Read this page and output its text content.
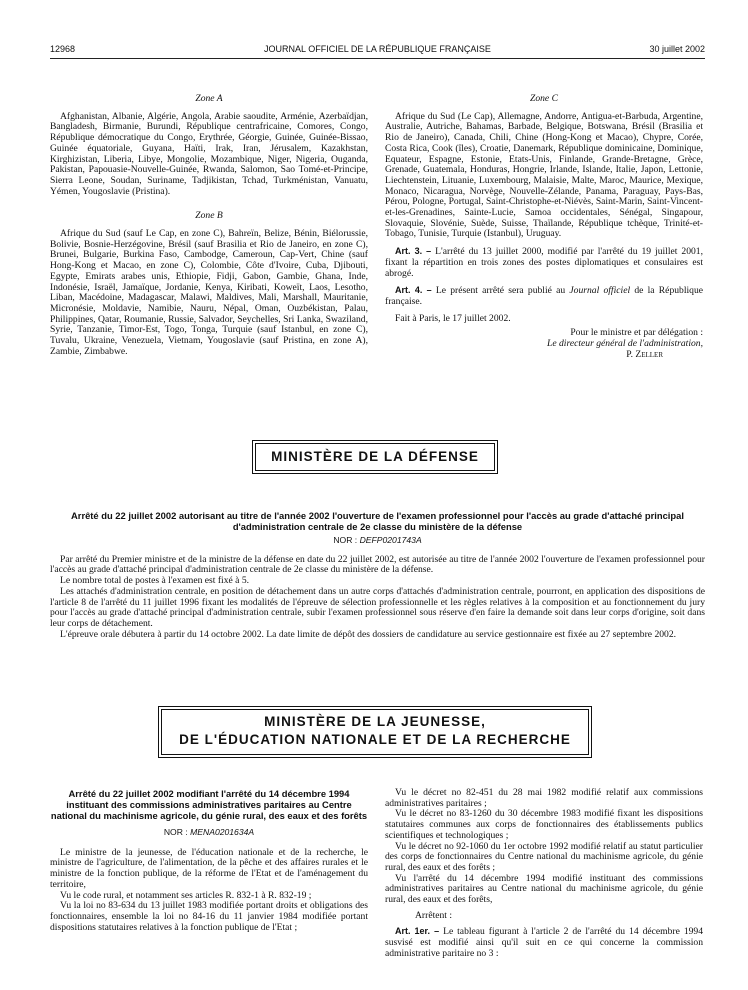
12968	JOURNAL OFFICIEL DE LA RÉPUBLIQUE FRANÇAISE	30 juillet 2002

Zone A

Afghanistan, Albanie, Algérie, Angola, Arabie saoudite, Arménie, Azerbaïdjan, Bangladesh, Birmanie, Burundi, République centrafricaine, Comores, Congo, République démocratique du Congo, Erythrée, Géorgie, Guinée, Guinée-Bissao, Guinée équatoriale, Guyana, Haïti, Irak, Iran, Jérusalem, Kazakhstan, Kirghizistan, Liberia, Libye, Mongolie, Mozambique, Niger, Nigeria, Ouganda, Pakistan, Papouasie-Nouvelle-Guinée, Rwanda, Salomon, Sao Tomé-et-Principe, Sierra Leone, Soudan, Suriname, Tadjikistan, Tchad, Turkménistan, Vanuatu, Yémen, Yougoslavie (Pristina).

Zone B

Afrique du Sud (sauf Le Cap, en zone C), Bahreïn, Belize, Bénin, Biélorussie, Bolivie, Bosnie-Herzégovine, Brésil (sauf Brasilia et Rio de Janeiro, en zone C), Brunei, Bulgarie, Burkina Faso, Cambodge, Cameroun, Cap-Vert, Chine (sauf Hong-Kong et Macao, en zone C), Colombie, Côte d'Ivoire, Cuba, Djibouti, Egypte, Emirats arabes unis, Ethiopie, Fidji, Gabon, Gambie, Ghana, Inde, Indonésie, Israël, Jamaïque, Jordanie, Kenya, Kiribati, Koweït, Laos, Lesotho, Liban, Macédoine, Madagascar, Malawi, Maldives, Mali, Marshall, Mauritanie, Micronésie, Moldavie, Namibie, Nauru, Népal, Oman, Ouzbékistan, Palau, Philippines, Qatar, Roumanie, Russie, Salvador, Seychelles, Sri Lanka, Swaziland, Syrie, Tanzanie, Timor-Est, Togo, Tonga, Turquie (sauf Istanbul, en zone C), Tuvalu, Ukraine, Venezuela, Vietnam, Yougoslavie (sauf Pristina, en zone A), Zambie, Zimbabwe.

Zone C

Afrique du Sud (Le Cap), Allemagne, Andorre, Antigua-et-Barbuda, Argentine, Australie, Autriche, Bahamas, Barbade, Belgique, Botswana, Brésil (Brasilia et Rio de Janeiro), Canada, Chili, Chine (Hong-Kong et Macao), Chypre, Corée, Costa Rica, Cook (îles), Croatie, Danemark, République dominicaine, Dominique, Equateur, Espagne, Estonie, Etats-Unis, Finlande, Grande-Bretagne, Grèce, Grenade, Guatemala, Honduras, Hongrie, Irlande, Islande, Italie, Japon, Lettonie, Liechtenstein, Lituanie, Luxembourg, Malaisie, Malte, Maroc, Maurice, Mexique, Monaco, Nicaragua, Norvège, Nouvelle-Zélande, Panama, Paraguay, Pays-Bas, Pérou, Pologne, Portugal, Saint-Christophe-et-Niévès, Saint-Marin, Saint-Vincent-et-les-Grenadines, Sainte-Lucie, Samoa occidentales, Sénégal, Singapour, Slovaquie, Slovénie, Suède, Suisse, Thaïlande, République tchèque, Trinité-et-Tobago, Tunisie, Turquie (Istanbul), Uruguay.

Art. 3. – L'arrêté du 13 juillet 2000, modifié par l'arrêté du 19 juillet 2001, fixant la répartition en trois zones des postes diplomatiques et consulaires est abrogé.

Art. 4. – Le présent arrêté sera publié au Journal officiel de la République française.

Fait à Paris, le 17 juillet 2002.

Pour le ministre et par délégation :

Le directeur général de l'administration,

P. Zeller

MINISTÈRE DE LA DÉFENSE

Arrêté du 22 juillet 2002 autorisant au titre de l'année 2002 l'ouverture de l'examen professionnel pour l'accès au grade d'attaché principal d'administration centrale de 2e classe du ministère de la défense

NOR : DEFP0201743A

Par arrêté du Premier ministre et de la ministre de la défense en date du 22 juillet 2002, est autorisée au titre de l'année 2002 l'ouverture de l'examen professionnel pour l'accès au grade d'attaché principal d'administration centrale de 2e classe du ministère de la défense.

Le nombre total de postes à l'examen est fixé à 5.

Les attachés d'administration centrale, en position de détachement dans un autre corps d'attachés d'administration centrale, pourront, en application des dispositions de l'article 8 de l'arrêté du 11 juillet 1996 fixant les modalités de l'épreuve de sélection professionnelle et les règles relatives à la composition et au fonctionnement du jury pour l'accès au grade d'attaché principal d'administration centrale, subir l'examen professionnel sous réserve d'en faire la demande soit dans leur corps d'origine, soit dans leur corps de détachement.

L'épreuve orale débutera à partir du 14 octobre 2002. La date limite de dépôt des dossiers de candidature au service gestionnaire est fixée au 27 septembre 2002.

MINISTÈRE DE LA JEUNESSE,
DE L'ÉDUCATION NATIONALE ET DE LA RECHERCHE

Arrêté du 22 juillet 2002 modifiant l'arrêté du 14 décembre 1994 instituant des commissions administratives paritaires au Centre national du machinisme agricole, du génie rural, des eaux et des forêts

NOR : MENA0201634A

Le ministre de la jeunesse, de l'éducation nationale et de la recherche, le ministre de l'agriculture, de l'alimentation, de la pêche et des affaires rurales et le ministre de la fonction publique, de la réforme de l'Etat et de l'aménagement du territoire,

Vu le code rural, et notamment ses articles R. 832-1 à R. 832-19 ;

Vu la loi no 83-634 du 13 juillet 1983 modifiée portant droits et obligations des fonctionnaires, ensemble la loi no 84-16 du 11 janvier 1984 modifiée portant dispositions statutaires relatives à la fonction publique de l'Etat ;

Vu le décret no 82-451 du 28 mai 1982 modifié relatif aux commissions administratives paritaires ;

Vu le décret no 83-1260 du 30 décembre 1983 modifié fixant les dispositions statutaires communes aux corps de fonctionnaires des établissements publics scientifiques et technologiques ;

Vu le décret no 92-1060 du 1er octobre 1992 modifié relatif au statut particulier des corps de fonctionnaires du Centre national du machinisme agricole, du génie rural, des eaux et des forêts ;

Vu l'arrêté du 14 décembre 1994 modifié instituant des commissions administratives paritaires au Centre national du machinisme agricole, du génie rural, des eaux et des forêts,

Arrêtent :

Art. 1er. – Le tableau figurant à l'article 2 de l'arrêté du 14 décembre 1994 susvisé est modifié ainsi qu'il suit en ce qui concerne la commission administrative paritaire no 3 :
